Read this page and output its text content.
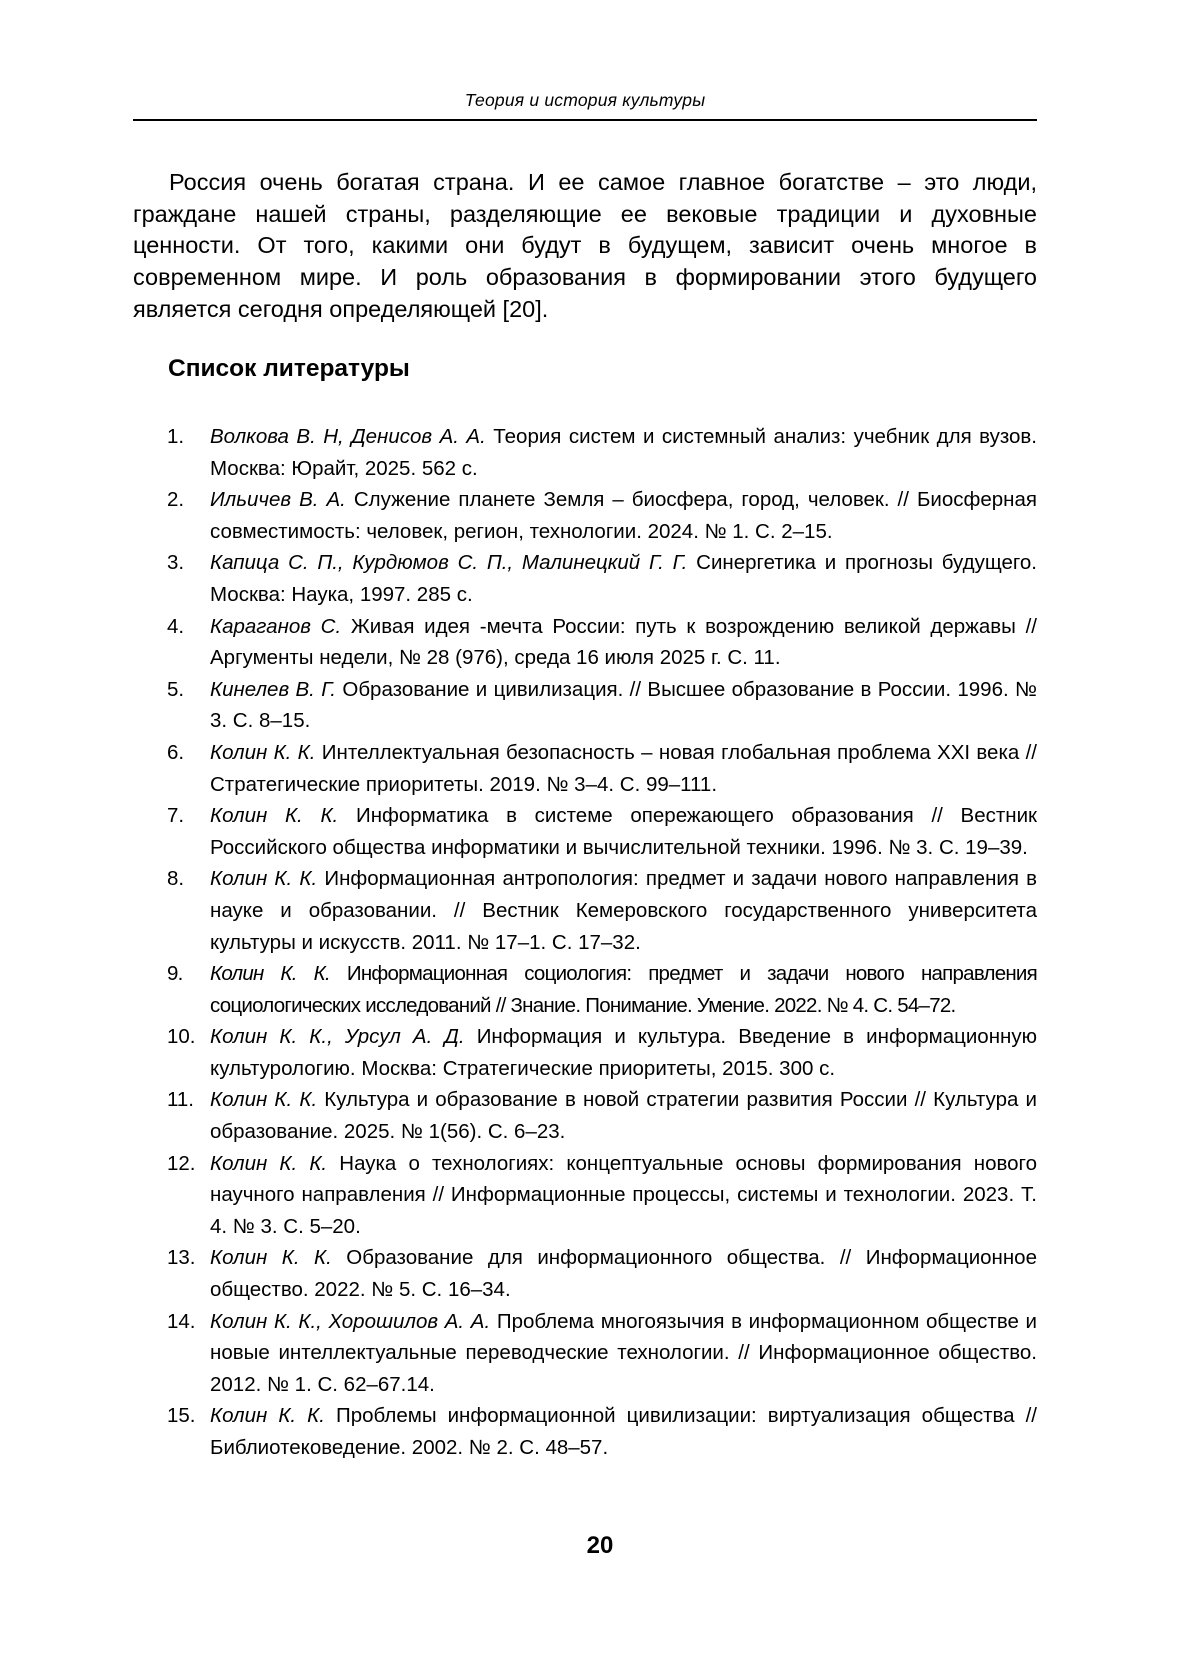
Теория и история культуры

Россия очень богатая страна. И ее самое главное богатстве – это люди, граждане нашей страны, разделяющие ее вековые традиции и духовные ценности. От того, какими они будут в будущем, зависит очень многое в современном мире. И роль образования в формировании этого будущего является сегодня определяющей [20].

Список литературы
1. Волкова В. Н, Денисов А. А. Теория систем и системный анализ: учебник для вузов. Москва: Юрайт, 2025. 562 с.
2. Ильичев В. А. Служение планете Земля – биосфера, город, человек. // Биосферная совместимость: человек, регион, технологии. 2024. № 1. С. 2–15.
3. Капица С. П., Курдюмов С. П., Малинецкий Г. Г. Синергетика и прогнозы будущего. Москва: Наука, 1997. 285 с.
4. Караганов С. Живая идея -мечта России: путь к возрождению великой державы //Аргументы недели, № 28 (976), среда 16 июля 2025 г. С. 11.
5. Кинелев В. Г. Образование и цивилизация. // Высшее образование в России. 1996. № 3. С. 8–15.
6. Колин К. К. Интеллектуальная безопасность – новая глобальная проблема XXI века // Стратегические приоритеты. 2019. № 3–4. С. 99–111.
7. Колин К. К. Информатика в системе опережающего образования // Вестник Российского общества информатики и вычислительной техники. 1996. № 3. С. 19–39.
8. Колин К. К. Информационная антропология: предмет и задачи нового направления в науке и образовании. // Вестник Кемеровского государственного университета культуры и искусств. 2011. № 17–1. С. 17–32.
9. Колин К. К. Информационная социология: предмет и задачи нового направления социологических исследований // Знание. Понимание. Умение. 2022. № 4. С. 54–72.
10. Колин К. К., Урсул А. Д. Информация и культура. Введение в информационную культурологию. Москва: Стратегические приоритеты, 2015. 300 с.
11. Колин К. К. Культура и образование в новой стратегии развития России // Культура и образование. 2025. № 1(56). С. 6–23.
12. Колин К. К. Наука о технологиях: концептуальные основы формирования нового научного направления // Информационные процессы, системы и технологии. 2023. Т. 4. № 3. С. 5–20.
13. Колин К. К. Образование для информационного общества. // Информационное общество. 2022. № 5. С. 16–34.
14. Колин К. К., Хорошилов А. А. Проблема многоязычия в информационном обществе и новые интеллектуальные переводческие технологии. // Информационное общество. 2012. № 1. С. 62–67.14.
15. Колин К. К. Проблемы информационной цивилизации: виртуализация общества // Библиотековедение. 2002. № 2. С. 48–57.
20
